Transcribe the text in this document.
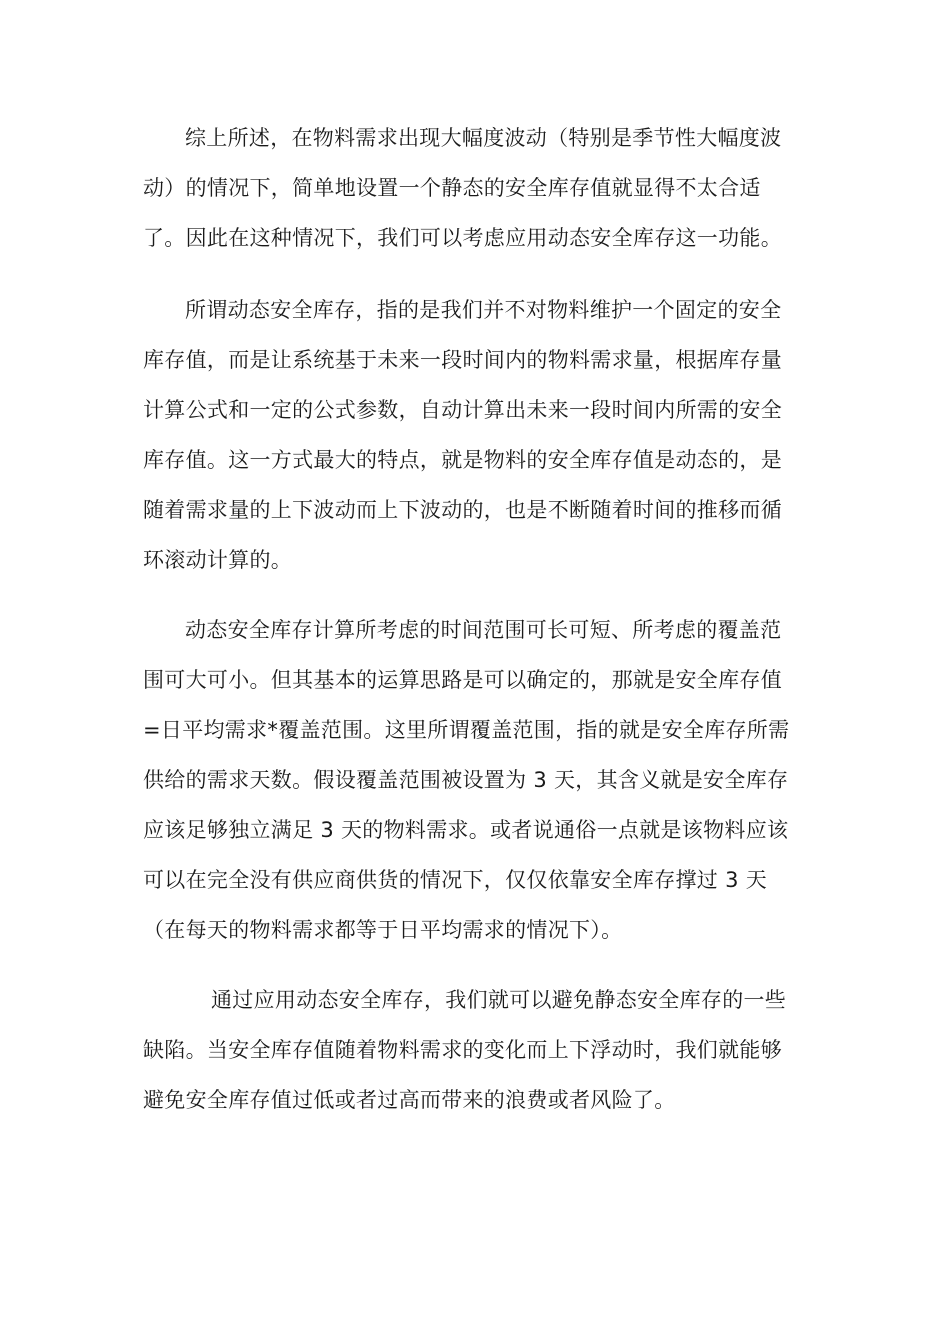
综上所述，在物料需求出现大幅度波动（特别是季节性大幅度波
动）的情况下，简单地设置一个静态的安全库存值就显得不太合适
了。因此在这种情况下，我们可以考虑应用动态安全库存这一功能。

所谓动态安全库存，指的是我们并不对物料维护一个固定的安全
库存值，而是让系统基于未来一段时间内的物料需求量，根据库存量
计算公式和一定的公式参数，自动计算出未来一段时间内所需的安全
库存值。这一方式最大的特点，就是物料的安全库存值是动态的，是
随着需求量的上下波动而上下波动的，也是不断随着时间的推移而循
环滚动计算的。

动态安全库存计算所考虑的时间范围可长可短、所考虑的覆盖范
围可大可小。但其基本的运算思路是可以确定的，那就是安全库存值
=日平均需求*覆盖范围。这里所谓覆盖范围，指的就是安全库存所需
供给的需求天数。假设覆盖范围被设置为 3 天，其含义就是安全库存
应该足够独立满足 3 天的物料需求。或者说通俗一点就是该物料应该
可以在完全没有供应商供货的情况下，仅仅依靠安全库存撑过 3 天
（在每天的物料需求都等于日平均需求的情况下）。

通过应用动态安全库存，我们就可以避免静态安全库存的一些
缺陷。当安全库存值随着物料需求的变化而上下浮动时，我们就能够
避免安全库存值过低或者过高而带来的浪费或者风险了。
